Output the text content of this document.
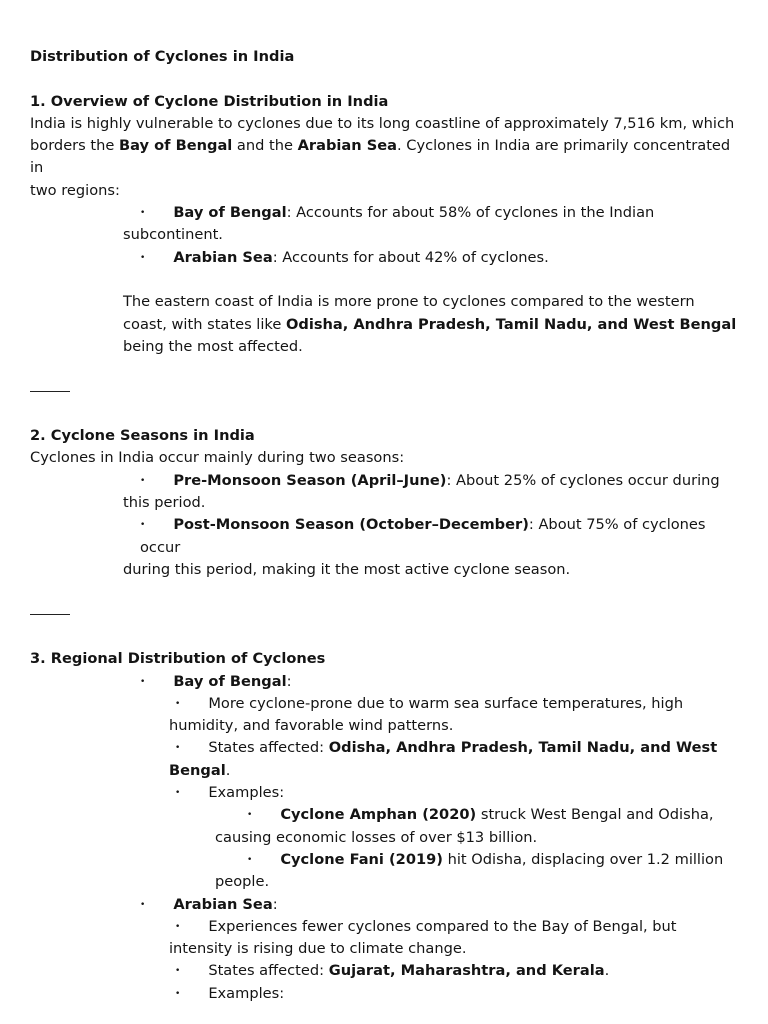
Distribution of Cyclones in India
1. Overview of Cyclone Distribution in India
India is highly vulnerable to cyclones due to its long coastline of approximately 7,516 km, which
borders the Bay of Bengal and the Arabian Sea. Cyclones in India are primarily concentrated in
two regions:
• Bay of Bengal: Accounts for about 58% of cyclones in the Indian
subcontinent.
• Arabian Sea: Accounts for about 42% of cyclones.
The eastern coast of India is more prone to cyclones compared to the western
coast, with states like Odisha, Andhra Pradesh, Tamil Nadu, and West Bengal
being the most affected.
2. Cyclone Seasons in India
Cyclones in India occur mainly during two seasons:
• Pre-Monsoon Season (April–June): About 25% of cyclones occur during
this period.
• Post-Monsoon Season (October–December): About 75% of cyclones occur
during this period, making it the most active cyclone season.
3. Regional Distribution of Cyclones
• Bay of Bengal:
• More cyclone-prone due to warm sea surface temperatures, high
humidity, and favorable wind patterns.
• States affected: Odisha, Andhra Pradesh, Tamil Nadu, and West
Bengal.
• Examples:
• Cyclone Amphan (2020) struck West Bengal and Odisha,
causing economic losses of over $13 billion.
• Cyclone Fani (2019) hit Odisha, displacing over 1.2 million
people.
• Arabian Sea:
• Experiences fewer cyclones compared to the Bay of Bengal, but
intensity is rising due to climate change.
• States affected: Gujarat, Maharashtra, and Kerala.
• Examples:
